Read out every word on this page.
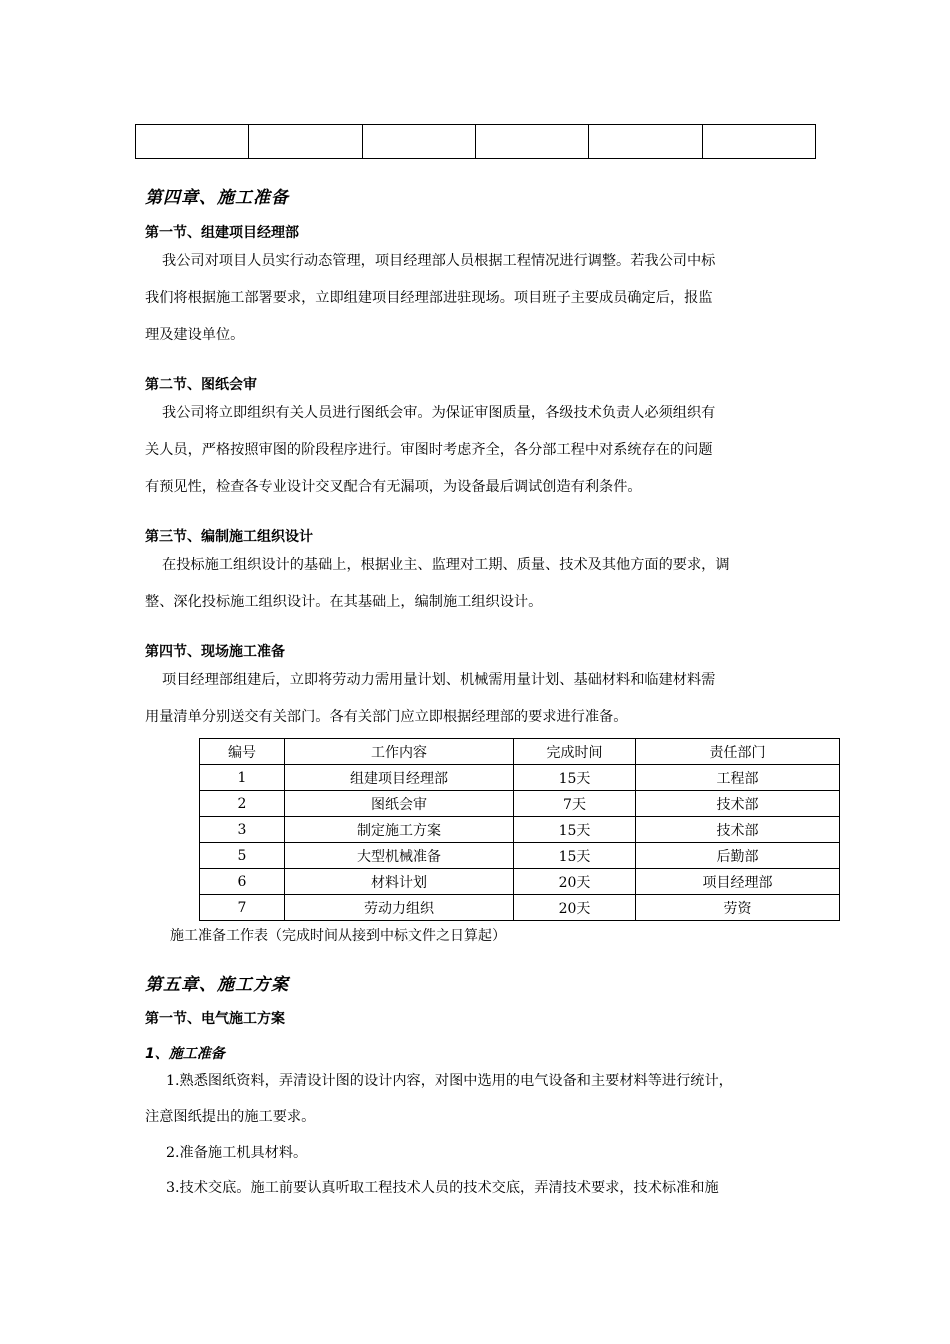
第四章、施工准备
第一节、组建项目经理部
我公司对项目人员实行动态管理，项目经理部人员根据工程情况进行调整。若我公司中标
我们将根据施工部署要求，立即组建项目经理部进驻现场。项目班子主要成员确定后，报监
理及建设单位。
第二节、图纸会审
我公司将立即组织有关人员进行图纸会审。为保证审图质量，各级技术负责人必须组织有
关人员，严格按照审图的阶段程序进行。审图时考虑齐全，各分部工程中对系统存在的问题
有预见性，检查各专业设计交叉配合有无漏项，为设备最后调试创造有利条件。
第三节、编制施工组织设计
在投标施工组织设计的基础上，根据业主、监理对工期、质量、技术及其他方面的要求，调
整、深化投标施工组织设计。在其基础上，编制施工组织设计。
第四节、现场施工准备
项目经理部组建后，立即将劳动力需用量计划、机械需用量计划、基础材料和临建材料需
用量清单分别送交有关部门。各有关部门应立即根据经理部的要求进行准备。
编号	工作内容	完成时间	责任部门
1	组建项目经理部	15天	工程部
2	图纸会审	7天	技术部
3	制定施工方案	15天	技术部
5	大型机械准备	15天	后勤部
6	材料计划	20天	项目经理部
7	劳动力组织	20天	劳资
施工准备工作表（完成时间从接到中标文件之日算起）
第五章、施工方案
第一节、电气施工方案
1、施工准备
1.熟悉图纸资料，弄清设计图的设计内容，对图中选用的电气设备和主要材料等进行统计，
注意图纸提出的施工要求。
2.准备施工机具材料。
3.技术交底。施工前要认真听取工程技术人员的技术交底，弄清技术要求，技术标准和施
